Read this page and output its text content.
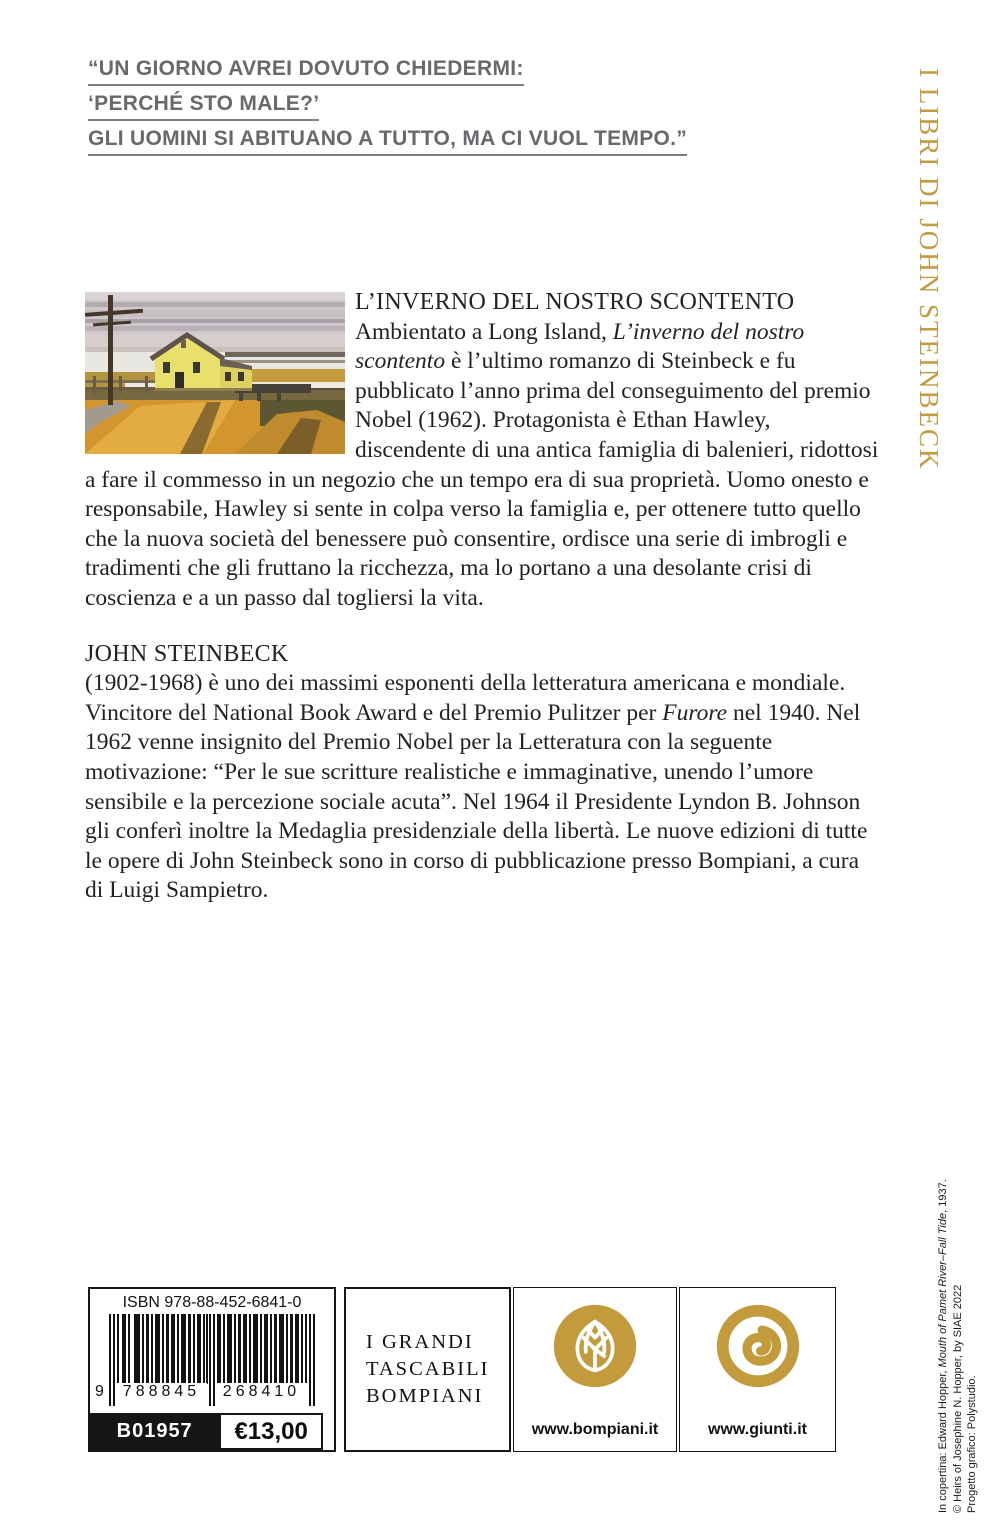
“UN GIORNO AVREI DOVUTO CHIEDERMI:
‘PERCHÉ STO MALE?’
GLI UOMINI SI ABITUANO A TUTTO, MA CI VUOL TEMPO.”	I LIBRI DI JOHN STEINBECK
L’INVERNO DEL NOSTRO SCONTENTO

Ambientato a Long Island, L’inverno del nostro scontento è l’ultimo romanzo di Steinbeck e fu pubblicato l’anno prima del conseguimento del premio Nobel (1962). Protagonista è Ethan Hawley, discendente di una antica famiglia di balenieri, ridottosi a fare il commesso in un negozio che un tempo era di sua proprietà. Uomo onesto e responsabile, Hawley si sente in colpa verso la famiglia e, per ottenere tutto quello che la nuova società del benessere può consentire, ordisce una serie di imbrogli e tradimenti che gli fruttano la ricchezza, ma lo portano a una desolante crisi di coscienza e a un passo dal togliersi la vita.

JOHN STEINBECK

(1902-1968) è uno dei massimi esponenti della letteratura americana e mondiale. Vincitore del National Book Award e del Premio Pulitzer per Furore nel 1940. Nel 1962 venne insignito del Premio Nobel per la Letteratura con la seguente motivazione: “Per le sue scritture realistiche e immaginative, unendo l’umore sensibile e la percezione sociale acuta”. Nel 1964 il Presidente Lyndon B. Johnson gli conferì inoltre la Medaglia presidenziale della libertà. Le nuove edizioni di tutte le opere di John Steinbeck sono in corso di pubblicazione presso Bompiani, a cura di Luigi Sampietro.

In copertina: Edward Hopper, Mouth of Pamet River–Fall Tide, 1937.
© Heirs of Josephine N. Hopper, by SIAE 2022 Progetto grafico: Polystudio.
ISBN 978-88-452-6841-0
9	788845	268410
B01957	€13,00
I GRANDI
TASCABILI
BOMPIANI
www.bompiani.it	www.giunti.it
